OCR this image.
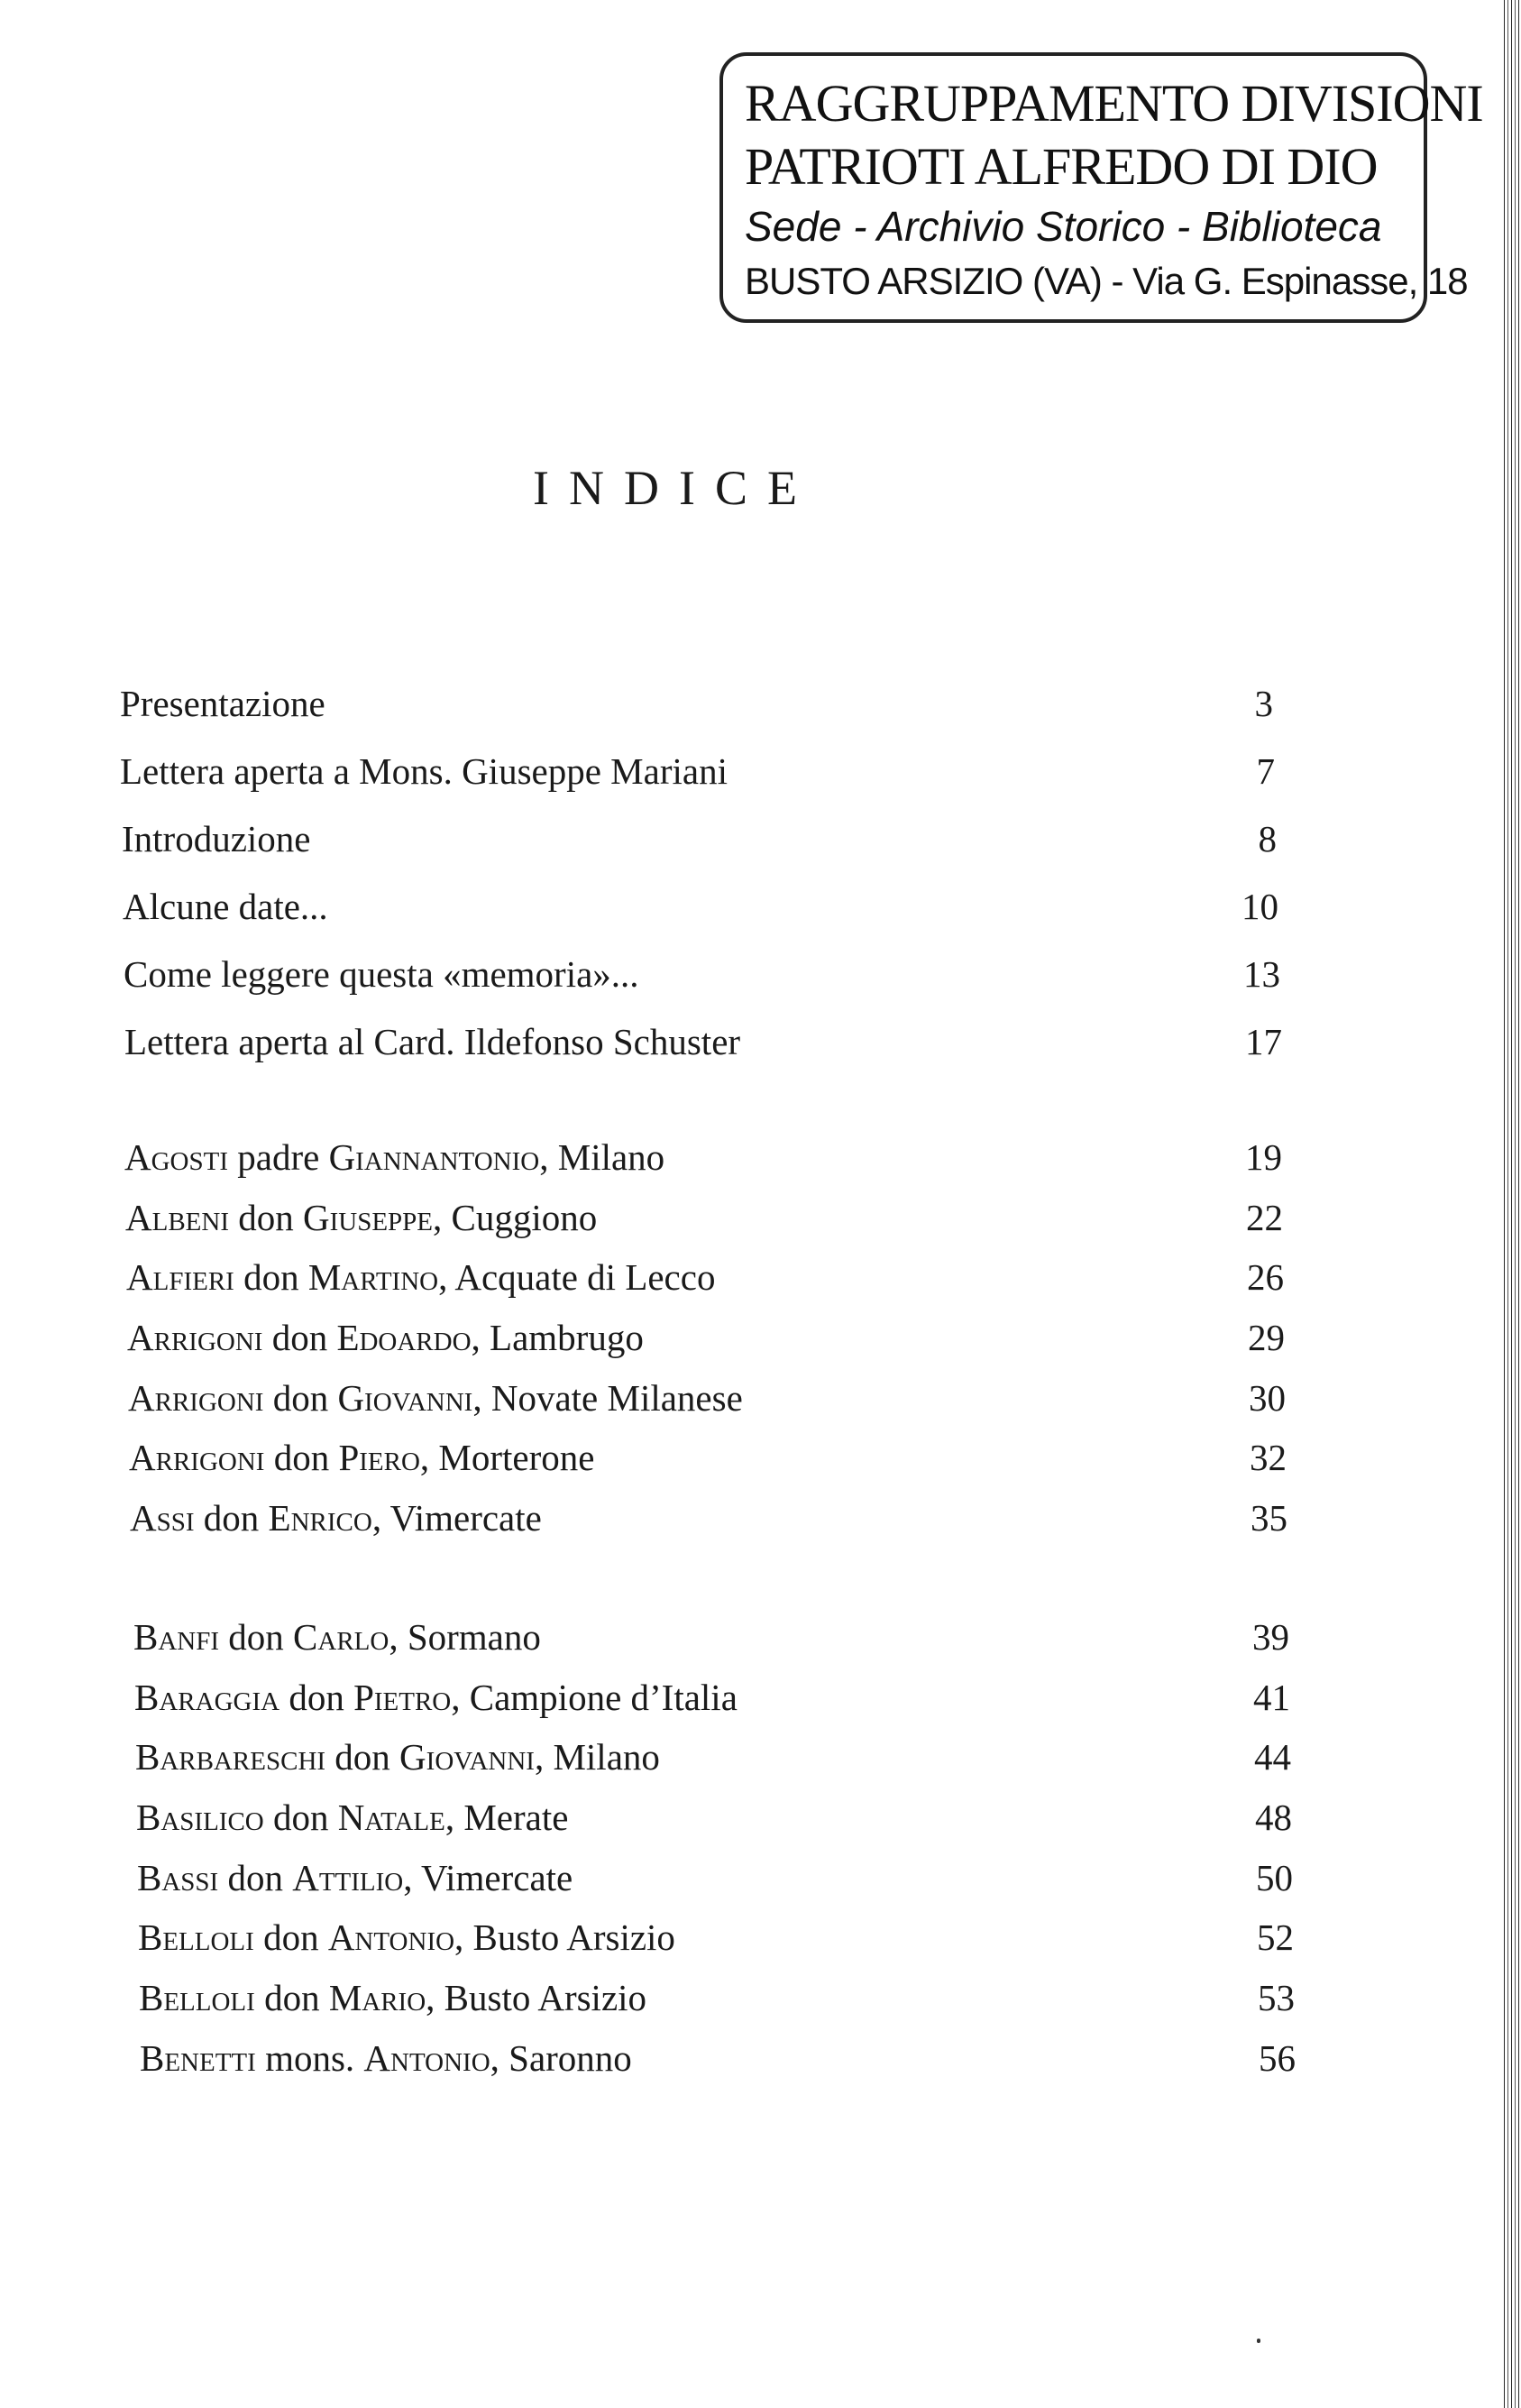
RAGGRUPPAMENTO DIVISIONI
PATRIOTI ALFREDO DI DIO
Sede - Archivio Storico - Biblioteca
BUSTO ARSIZIO (VA) - Via G. Espinasse, 18
INDICE
Presentazione	3
Lettera aperta a Mons. Giuseppe Mariani	7
Introduzione	8
Alcune date...	10
Come leggere questa «memoria»...	13
Lettera aperta al Card. Ildefonso Schuster	17
Agosti padre Giannantonio, Milano	19
Albeni don Giuseppe, Cuggiono	22
Alfieri don Martino, Acquate di Lecco	26
Arrigoni don Edoardo, Lambrugo	29
Arrigoni don Giovanni, Novate Milanese	30
Arrigoni don Piero, Morterone	32
Assi don Enrico, Vimercate	35
Banfi don Carlo, Sormano	39
Baraggia don Pietro, Campione d’Italia	41
Barbareschi don Giovanni, Milano	44
Basilico don Natale, Merate	48
Bassi don Attilio, Vimercate	50
Belloli don Antonio, Busto Arsizio	52
Belloli don Mario, Busto Arsizio	53
Benetti mons. Antonio, Saronno	56
